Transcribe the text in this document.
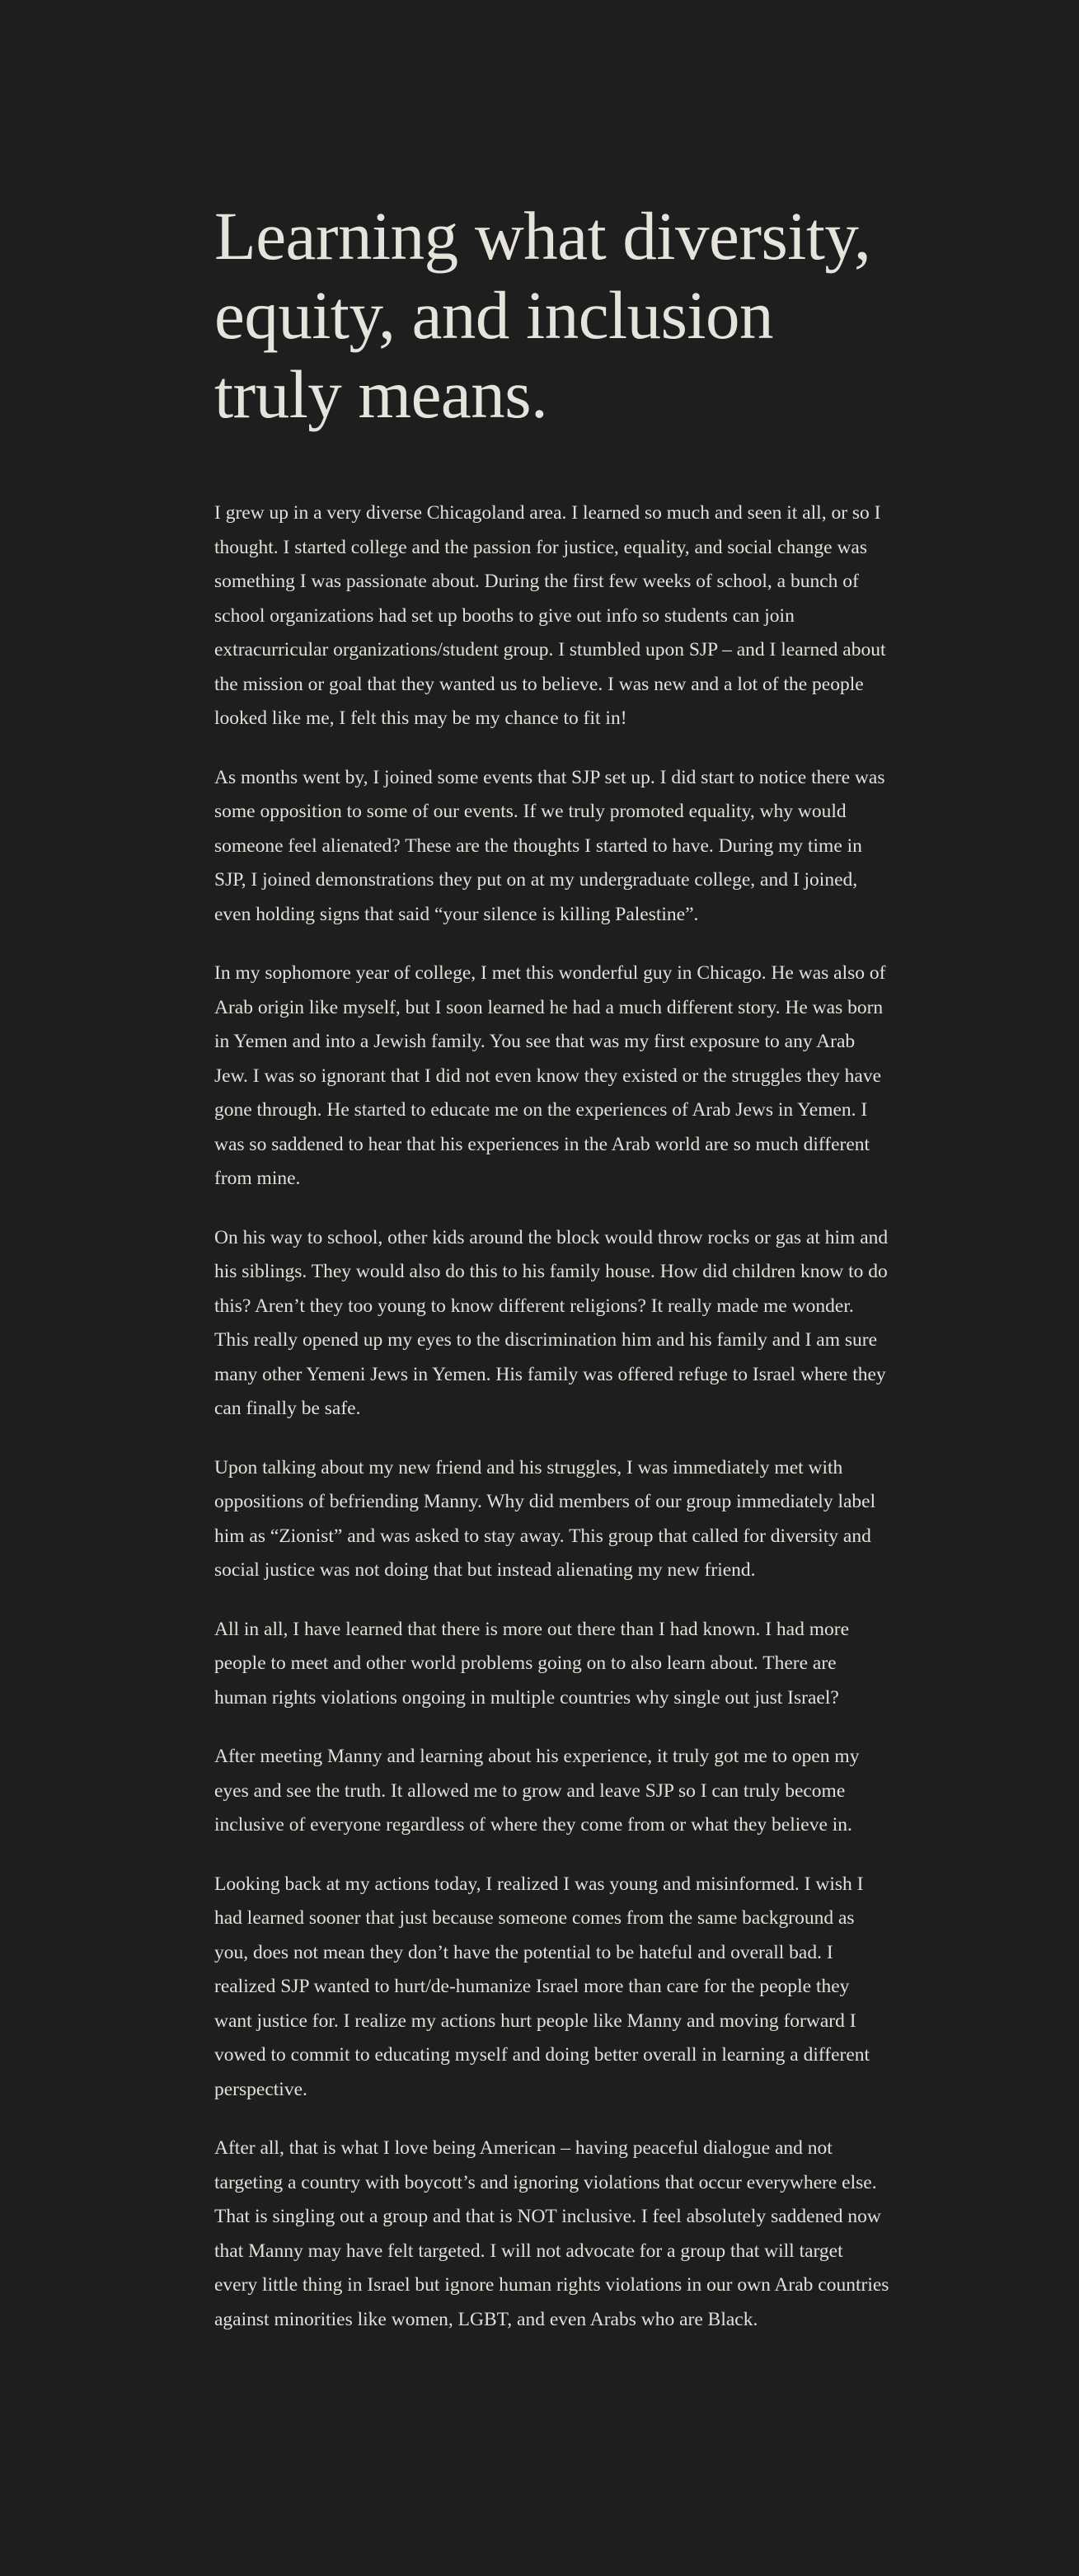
Learning what diversity, equity, and inclusion truly means.

I grew up in a very diverse Chicagoland area. I learned so much and seen it all, or so I thought. I started college and the passion for justice, equality, and social change was something I was passionate about. During the first few weeks of school, a bunch of school organizations had set up booths to give out info so students can join extracurricular organizations/student group. I stumbled upon SJP – and I learned about the mission or goal that they wanted us to believe. I was new and a lot of the people looked like me, I felt this may be my chance to fit in!

As months went by, I joined some events that SJP set up. I did start to notice there was some opposition to some of our events. If we truly promoted equality, why would someone feel alienated? These are the thoughts I started to have. During my time in SJP, I joined demonstrations they put on at my undergraduate college, and I joined, even holding signs that said “your silence is killing Palestine”.

In my sophomore year of college, I met this wonderful guy in Chicago. He was also of Arab origin like myself, but I soon learned he had a much different story. He was born in Yemen and into a Jewish family. You see that was my first exposure to any Arab Jew. I was so ignorant that I did not even know they existed or the struggles they have gone through. He started to educate me on the experiences of Arab Jews in Yemen. I was so saddened to hear that his experiences in the Arab world are so much different from mine.

On his way to school, other kids around the block would throw rocks or gas at him and his siblings. They would also do this to his family house. How did children know to do this? Aren’t they too young to know different religions? It really made me wonder. This really opened up my eyes to the discrimination him and his family and I am sure many other Yemeni Jews in Yemen. His family was offered refuge to Israel where they can finally be safe.

Upon talking about my new friend and his struggles, I was immediately met with oppositions of befriending Manny. Why did members of our group immediately label him as “Zionist” and was asked to stay away. This group that called for diversity and social justice was not doing that but instead alienating my new friend.

All in all, I have learned that there is more out there than I had known. I had more people to meet and other world problems going on to also learn about. There are human rights violations ongoing in multiple countries why single out just Israel?

After meeting Manny and learning about his experience, it truly got me to open my eyes and see the truth. It allowed me to grow and leave SJP so I can truly become inclusive of everyone regardless of where they come from or what they believe in.

Looking back at my actions today, I realized I was young and misinformed. I wish I had learned sooner that just because someone comes from the same background as you, does not mean they don’t have the potential to be hateful and overall bad. I realized SJP wanted to hurt/de-humanize Israel more than care for the people they want justice for. I realize my actions hurt people like Manny and moving forward I vowed to commit to educating myself and doing better overall in learning a different perspective.

After all, that is what I love being American – having peaceful dialogue and not targeting a country with boycott’s and ignoring violations that occur everywhere else. That is singling out a group and that is NOT inclusive. I feel absolutely saddened now that Manny may have felt targeted. I will not advocate for a group that will target every little thing in Israel but ignore human rights violations in our own Arab countries against minorities like women, LGBT, and even Arabs who are Black.
